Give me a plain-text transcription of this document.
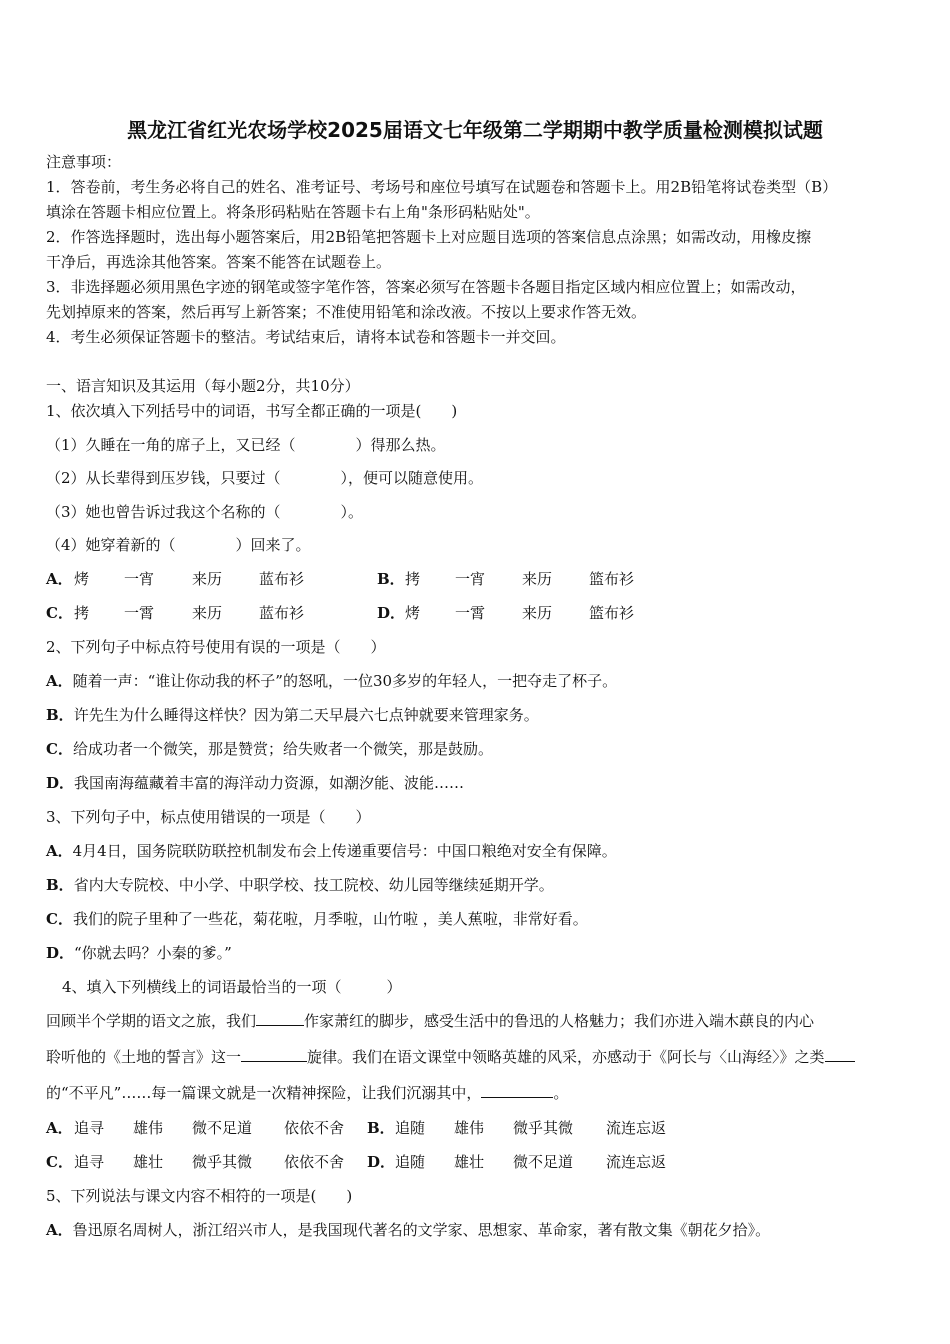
黑龙江省红光农场学校2025届语文七年级第二学期期中教学质量检测模拟试题
注意事项：
1．答卷前，考生务必将自己的姓名、准考证号、考场号和座位号填写在试题卷和答题卡上。用2B铅笔将试卷类型（B）
填涂在答题卡相应位置上。将条形码粘贴在答题卡右上角"条形码粘贴处"。
2．作答选择题时，选出每小题答案后，用2B铅笔把答题卡上对应题目选项的答案信息点涂黑；如需改动，用橡皮擦
干净后，再选涂其他答案。答案不能答在试题卷上。
3．非选择题必须用黑色字迹的钢笔或签字笔作答，答案必须写在答题卡各题目指定区域内相应位置上；如需改动，
先划掉原来的答案，然后再写上新答案；不准使用铅笔和涂改液。不按以上要求作答无效。
4．考生必须保证答题卡的整洁。考试结束后，请将本试卷和答题卡一并交回。
一、语言知识及其运用（每小题2分，共10分）
1、依次填入下列括号中的词语，书写全都正确的一项是(　　)
（1）久睡在一角的席子上，又已经（　　　　）得那么热。
（2）从长辈得到压岁钱，只要过（　　　　），便可以随意使用。
（3）她也曾告诉过我这个名称的（　　　　）。
（4）她穿着新的（　　　　）回来了。
A． 烤 一宵	来历 蓝布衫	B． 拷 一宵 来历 篮布衫
C． 拷 一霄	来历 蓝布衫	D． 烤 一霄 来历 篮布衫
2、下列句子中标点符号使用有误的一项是（　　）
A．随着一声：“谁让你动我的杯子”的怒吼，一位30多岁的年轻人，一把夺走了杯子。
B．许先生为什么睡得这样快？因为第二天早晨六七点钟就要来管理家务。
C．给成功者一个微笑，那是赞赏；给失败者一个微笑，那是鼓励。
D．我国南海蕴藏着丰富的海洋动力资源，如潮汐能、波能……
3、下列句子中，标点使用错误的一项是（　　）
A．4月4日，国务院联防联控机制发布会上传递重要信号：中国口粮绝对安全有保障。
B．省内大专院校、中小学、中职学校、技工院校、幼儿园等继续延期开学。
C．我们的院子里种了一些花，菊花啦，月季啦，山竹啦 ，美人蕉啦，非常好看。
D．“你就去吗？小秦的爹。”
4、填入下列横线上的词语最恰当的一项（　　　）
回顾半个学期的语文之旅，我们	作家萧红的脚步，感受生活中的鲁迅的人格魅力；我们亦进入端木蕻良的内心
聆听他的《土地的誓言》这一	旋律。我们在语文课堂中领略英雄的风采，亦感动于《阿长与〈山海经〉》之类
的“不平凡”……每一篇课文就是一次精神探险，让我们沉溺其中，	。
A． 追寻 雄伟 微不足道 依依不舍 B． 追随 雄伟 微乎其微 流连忘返
C． 追寻 雄壮 微乎其微 依依不舍 D． 追随 雄壮 微不足道 流连忘返
5、下列说法与课文内容不相符的一项是(　　)
A．鲁迅原名周树人，浙江绍兴市人，是我国现代著名的文学家、思想家、革命家，著有散文集《朝花夕拾》。
